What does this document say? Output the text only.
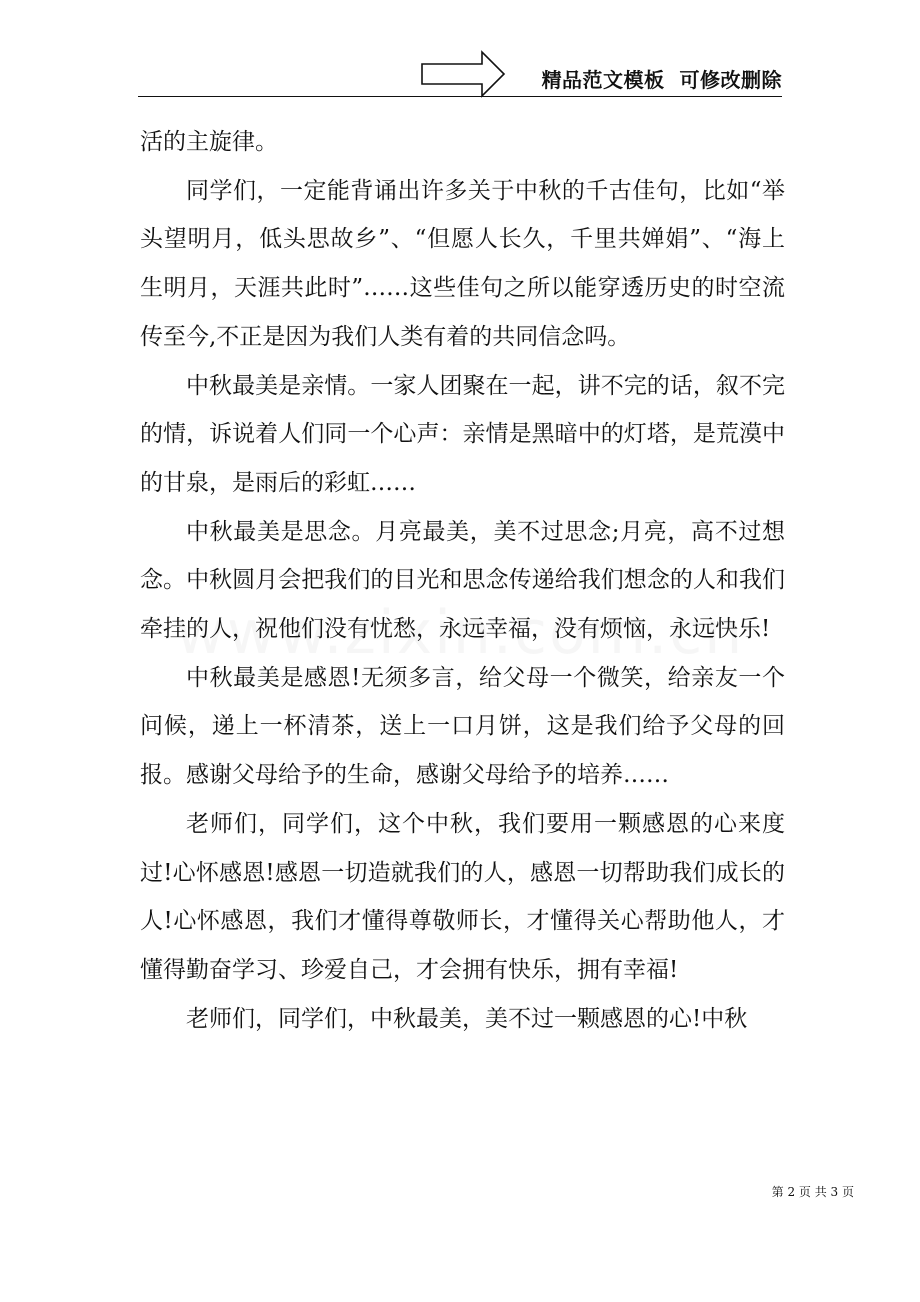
精品范文模板  可修改删除

活的主旋律。

同学们，一定能背诵出许多关于中秋的千古佳句，比如“举头望明月，低头思故乡”、“但愿人长久，千里共婵娟”、“海上生明月，天涯共此时”……这些佳句之所以能穿透历史的时空流传至今,不正是因为我们人类有着的共同信念吗。

中秋最美是亲情。一家人团聚在一起，讲不完的话，叙不完的情，诉说着人们同一个心声：亲情是黑暗中的灯塔，是荒漠中的甘泉，是雨后的彩虹……

中秋最美是思念。月亮最美，美不过思念;月亮，高不过想念。中秋圆月会把我们的目光和思念传递给我们想念的人和我们牵挂的人，祝他们没有忧愁，永远幸福，没有烦恼，永远快乐!

中秋最美是感恩!无须多言，给父母一个微笑，给亲友一个问候，递上一杯清茶，送上一口月饼，这是我们给予父母的回报。感谢父母给予的生命，感谢父母给予的培养……

老师们，同学们，这个中秋，我们要用一颗感恩的心来度过!心怀感恩!感恩一切造就我们的人，感恩一切帮助我们成长的人!心怀感恩，我们才懂得尊敬师长，才懂得关心帮助他人，才懂得勤奋学习、珍爱自己，才会拥有快乐，拥有幸福!

老师们，同学们，中秋最美，美不过一颗感恩的心!中秋

第 2 页 共 3 页
